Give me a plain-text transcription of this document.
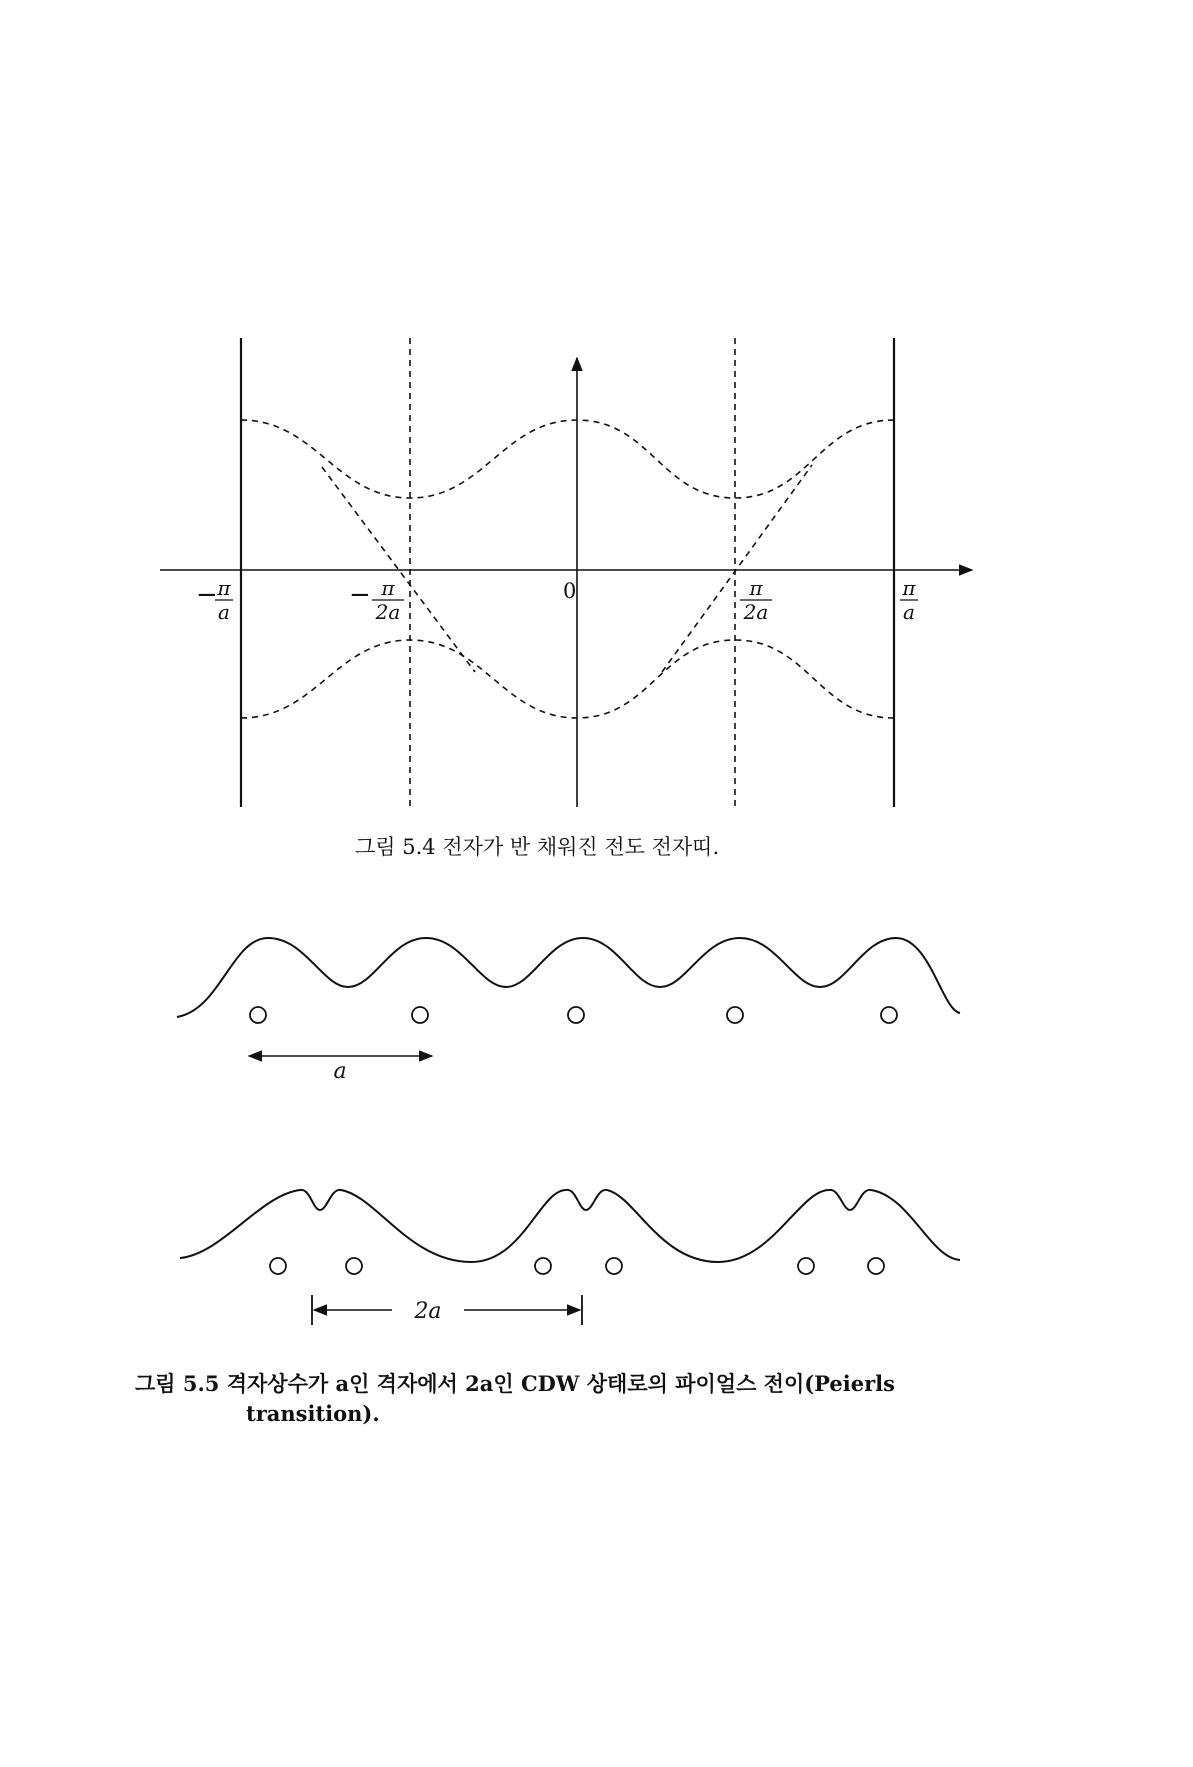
− π
a
− π
2a
0	π
2a
π
a
a
2a
그림 5.4 전자가 반 채워진 전도 전자띠.
그림 5.5 격자상수가 a인 격자에서 2a인 CDW 상태로의 파이얼스 전이(Peierls
transition).
